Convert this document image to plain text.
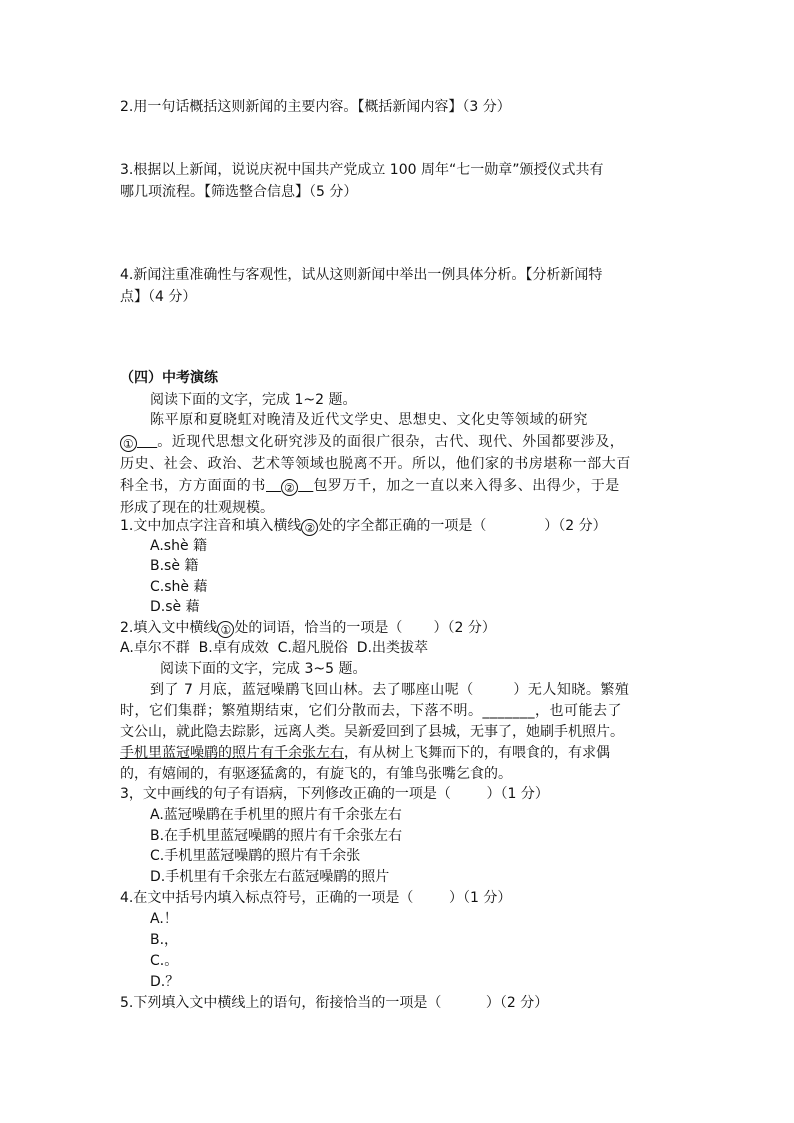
2.用一句话概括这则新闻的主要内容。【概括新闻内容】（3 分）

3.根据以上新闻，说说庆祝中国共产党成立 100 周年“七一勋章”颁授仪式共有

哪几项流程。【筛选整合信息】（5 分）

4.新闻注重准确性与客观性，试从这则新闻中举出一例具体分析。【分析新闻特

点】（4 分）

（四）中考演练

阅读下面的文字，完成 1~2 题。

陈平原和夏晓虹对晚清及近代文学史、思想史、文化史等领域的研究

① 。近现代思想文化研究涉及的面很广很杂，古代、现代、外国都要涉及，

历史、社会、政治、艺术等领域也脱离不开。所以，他们家的书房堪称一部大百

科全书，方方面面的书 ② 包罗万千，加之一直以来入得多、出得少，于是

形成了现在的壮观规模。

1.文中加点字注音和填入横线 ② 处的字全都正确的一项是（             ）（2 分）

A.shè 籍

B.sè 籍

C.shè 藉

D.sè 藉

2.填入文中横线 ① 处的词语，恰当的一项是（       ）（2 分）

A.卓尔不群  B.卓有成效  C.超凡脱俗  D.出类拔萃

阅读下面的文字，完成 3~5 题。

到了 7 月底，蓝冠噪鹛飞回山林。去了哪座山呢（        ）无人知晓。繁殖

时，它们集群；繁殖期结束，它们分散而去，下落不明。_______，也可能去了

文公山，就此隐去踪影，远离人类。吴新爱回到了县城，无事了，她刷手机照片。

手机里蓝冠噪鹛的照片有千余张左右，有从树上飞舞而下的，有喂食的，有求偶

的，有嬉闹的，有驱逐猛禽的，有旋飞的，有雏鸟张嘴乞食的。

3，文中画线的句子有语病，下列修改正确的一项是（        ）（1 分）

A.蓝冠噪鹛在手机里的照片有千余张左右

B.在手机里蓝冠噪鹛的照片有千余张左右

C.手机里蓝冠噪鹛的照片有千余张

D.手机里有千余张左右蓝冠噪鹛的照片

4.在文中括号内填入标点符号，正确的一项是（        ）（1 分）

A.！

B.，

C.。

D.？

5.下列填入文中横线上的语句，衔接恰当的一项是（          ）（2 分）
